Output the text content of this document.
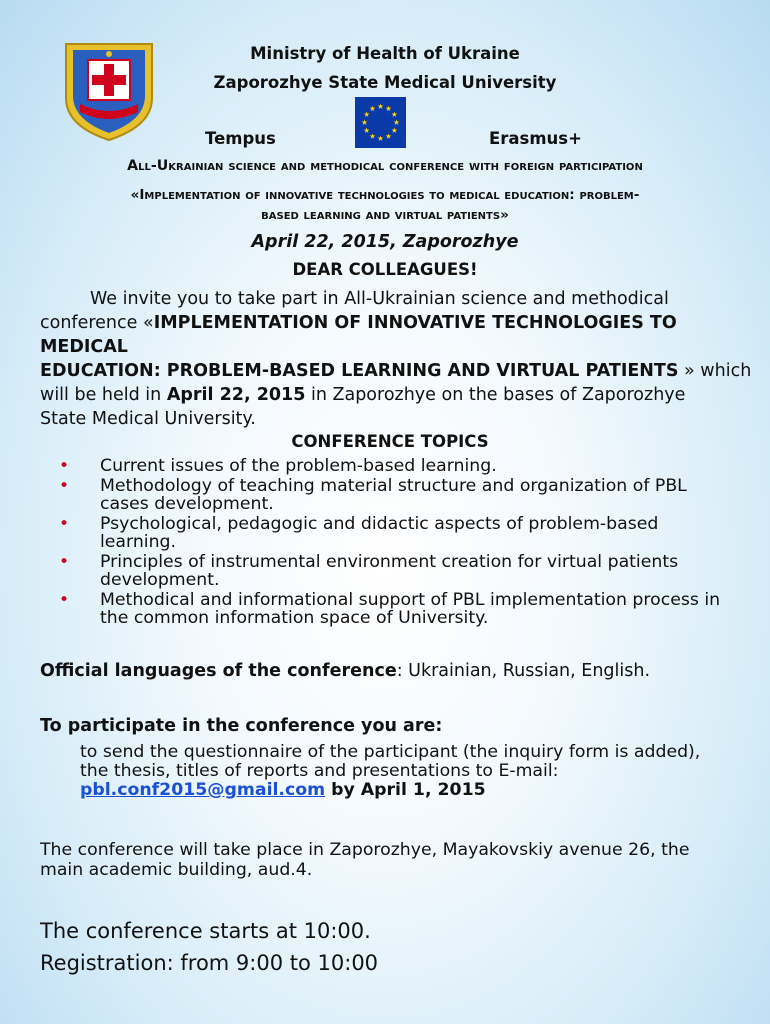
Ministry of Health of Ukraine
Zaporozhye State Medical University
Tempus	Erasmus+
All-Ukrainian science and methodical conference with foreign participation
«Implementation of innovative technologies to medical education: problem-
based learning and virtual patients»
April 22, 2015, Zaporozhye
DEAR COLLEAGUES!
We invite you to take part in All-Ukrainian science and methodical
conference «IMPLEMENTATION OF INNOVATIVE TECHNOLOGIES TO MEDICAL
EDUCATION: PROBLEM-BASED LEARNING AND VIRTUAL PATIENTS » which
will be held in April 22, 2015 in Zaporozhye on the bases of Zaporozhye
State Medical University.
CONFERENCE TOPICS
• Current issues of the problem-based learning.
• Methodology of teaching material structure and organization of PBL
cases development.
• Psychological, pedagogic and didactic aspects of problem-based
learning.
• Principles of instrumental environment creation for virtual patients
development.
• Methodical and informational support of PBL implementation process in
the common information space of University.
Official languages of the conference: Ukrainian, Russian, English.
To participate in the conference you are:
to send the questionnaire of the participant (the inquiry form is added),
the thesis, titles of reports and presentations to E-mail:
pbl.conf2015@gmail.com by April 1, 2015
The conference will take place in Zaporozhye, Mayakovskiy avenue 26, the
main academic building, aud.4.
The conference starts at 10:00.
Registration: from 9:00 to 10:00
